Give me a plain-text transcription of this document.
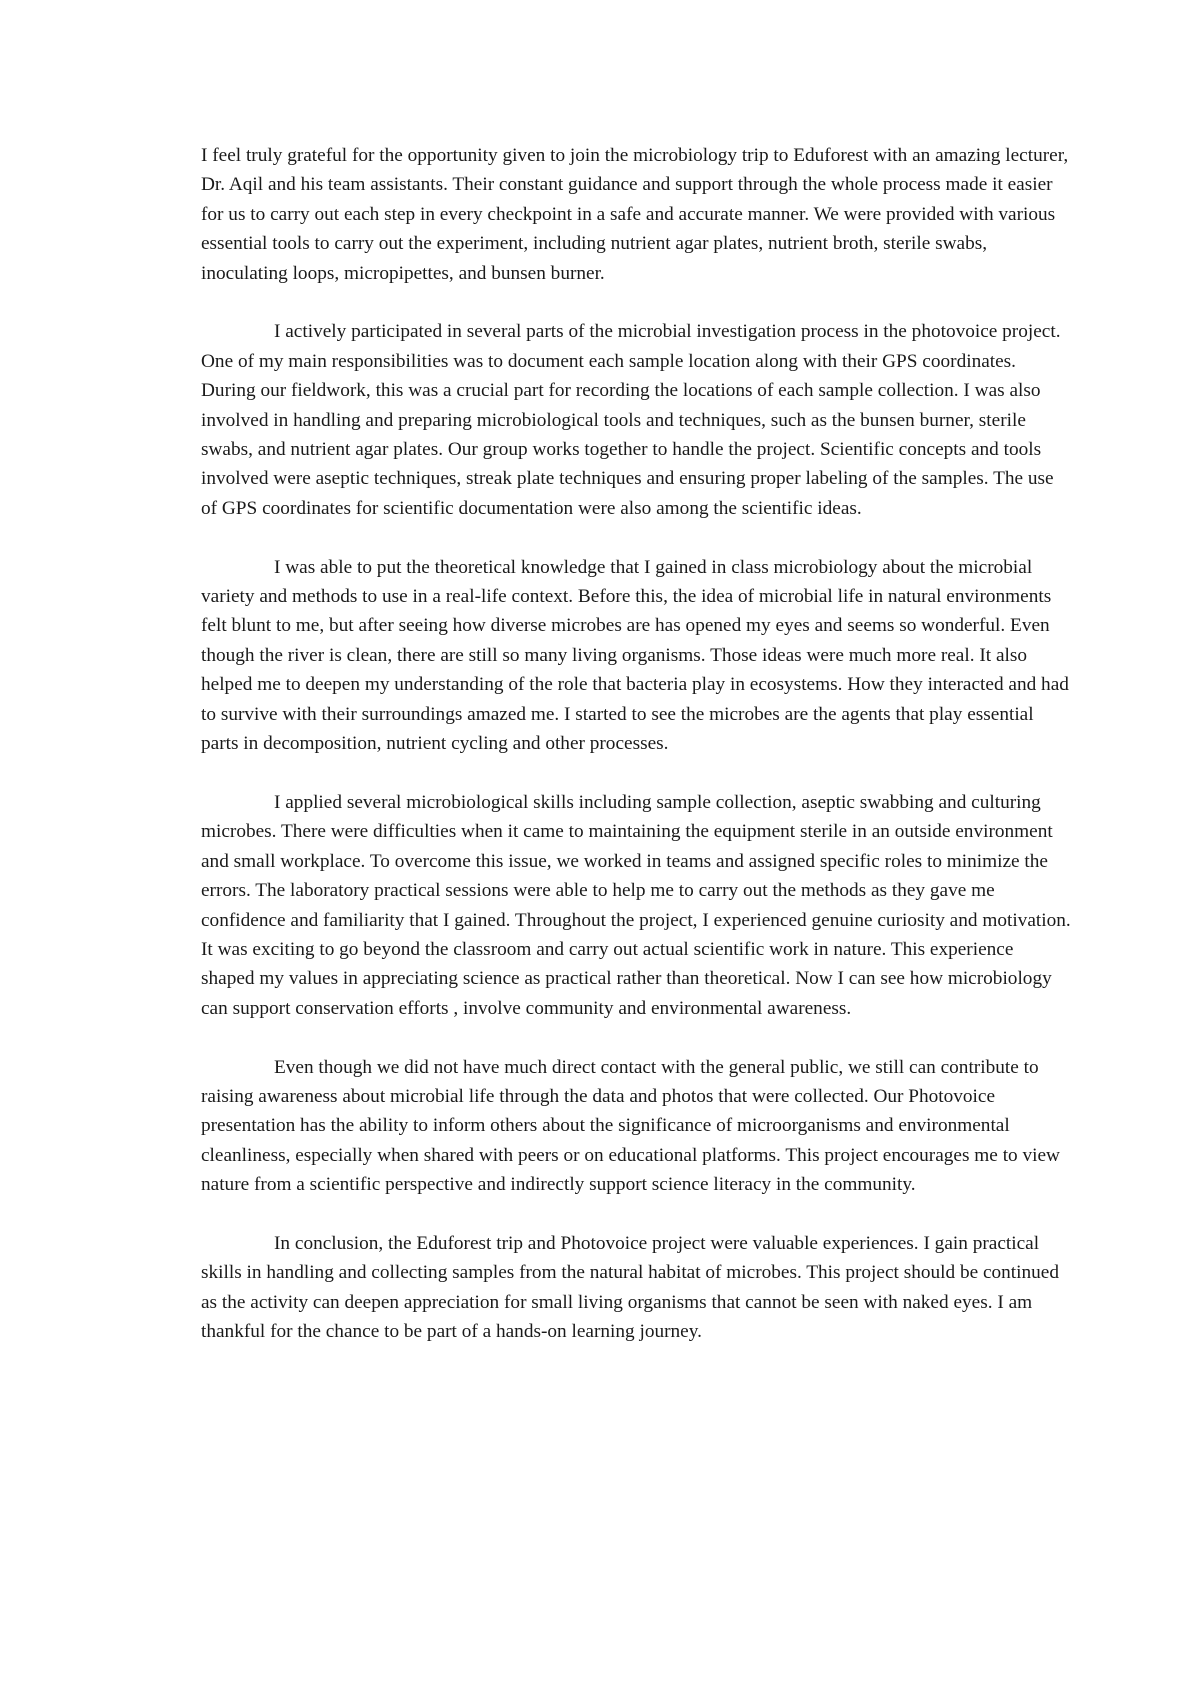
I feel truly grateful for the opportunity given to join the microbiology trip to Eduforest with an amazing lecturer, Dr. Aqil and his team assistants. Their constant guidance and support through the whole process made it easier for us to carry out each step in every checkpoint in a safe and accurate manner. We were provided with various essential tools to carry out the experiment, including nutrient agar plates, nutrient broth, sterile swabs, inoculating loops, micropipettes, and bunsen burner.

I actively participated in several parts of the microbial investigation process in the photovoice project. One of my main responsibilities was to document each sample location along with their GPS coordinates. During our fieldwork, this was a crucial part for recording the locations of each sample collection. I was also involved in handling and preparing microbiological tools and techniques, such as the bunsen burner, sterile swabs, and nutrient agar plates. Our group works together to handle the project. Scientific concepts and tools involved were aseptic techniques, streak plate techniques and ensuring proper labeling of the samples. The use of GPS coordinates for scientific documentation were also among the scientific ideas.

I was able to put the theoretical knowledge that I gained in class microbiology about the microbial variety and methods to use in a real-life context. Before this, the idea of microbial life in natural environments felt blunt to me, but after seeing how diverse microbes are has opened my eyes and seems so wonderful. Even though the river is clean, there are still so many living organisms. Those ideas were much more real. It also helped me to deepen my understanding of the role that bacteria play in ecosystems. How they interacted and had to survive with their surroundings amazed me. I started to see the microbes are the agents that play essential parts in decomposition, nutrient cycling and other processes.

I applied several microbiological skills including sample collection, aseptic swabbing and culturing microbes. There were difficulties when it came to maintaining the equipment sterile in an outside environment and small workplace. To overcome this issue, we worked in teams and assigned specific roles to minimize the errors. The laboratory practical sessions were able to help me to carry out the methods as they gave me confidence and familiarity that I gained. Throughout the project, I experienced genuine curiosity and motivation. It was exciting to go beyond the classroom and carry out actual scientific work in nature. This experience shaped my values in appreciating science as practical rather than theoretical. Now I can see how microbiology can support conservation efforts , involve community and environmental awareness.

Even though we did not have much direct contact with the general public, we still can contribute to raising awareness about microbial life through the data and photos that were collected. Our Photovoice presentation has the ability to inform others about the significance of microorganisms and environmental cleanliness, especially when shared with peers or on educational platforms. This project encourages me to view nature from a scientific perspective and indirectly support science literacy in the community.

In conclusion, the Eduforest trip and Photovoice project were valuable experiences. I gain practical skills in handling and collecting samples from the natural habitat of microbes. This project should be continued as the activity can deepen appreciation for small living organisms that cannot be seen with naked eyes. I am thankful for the chance to be part of a hands-on learning journey.
